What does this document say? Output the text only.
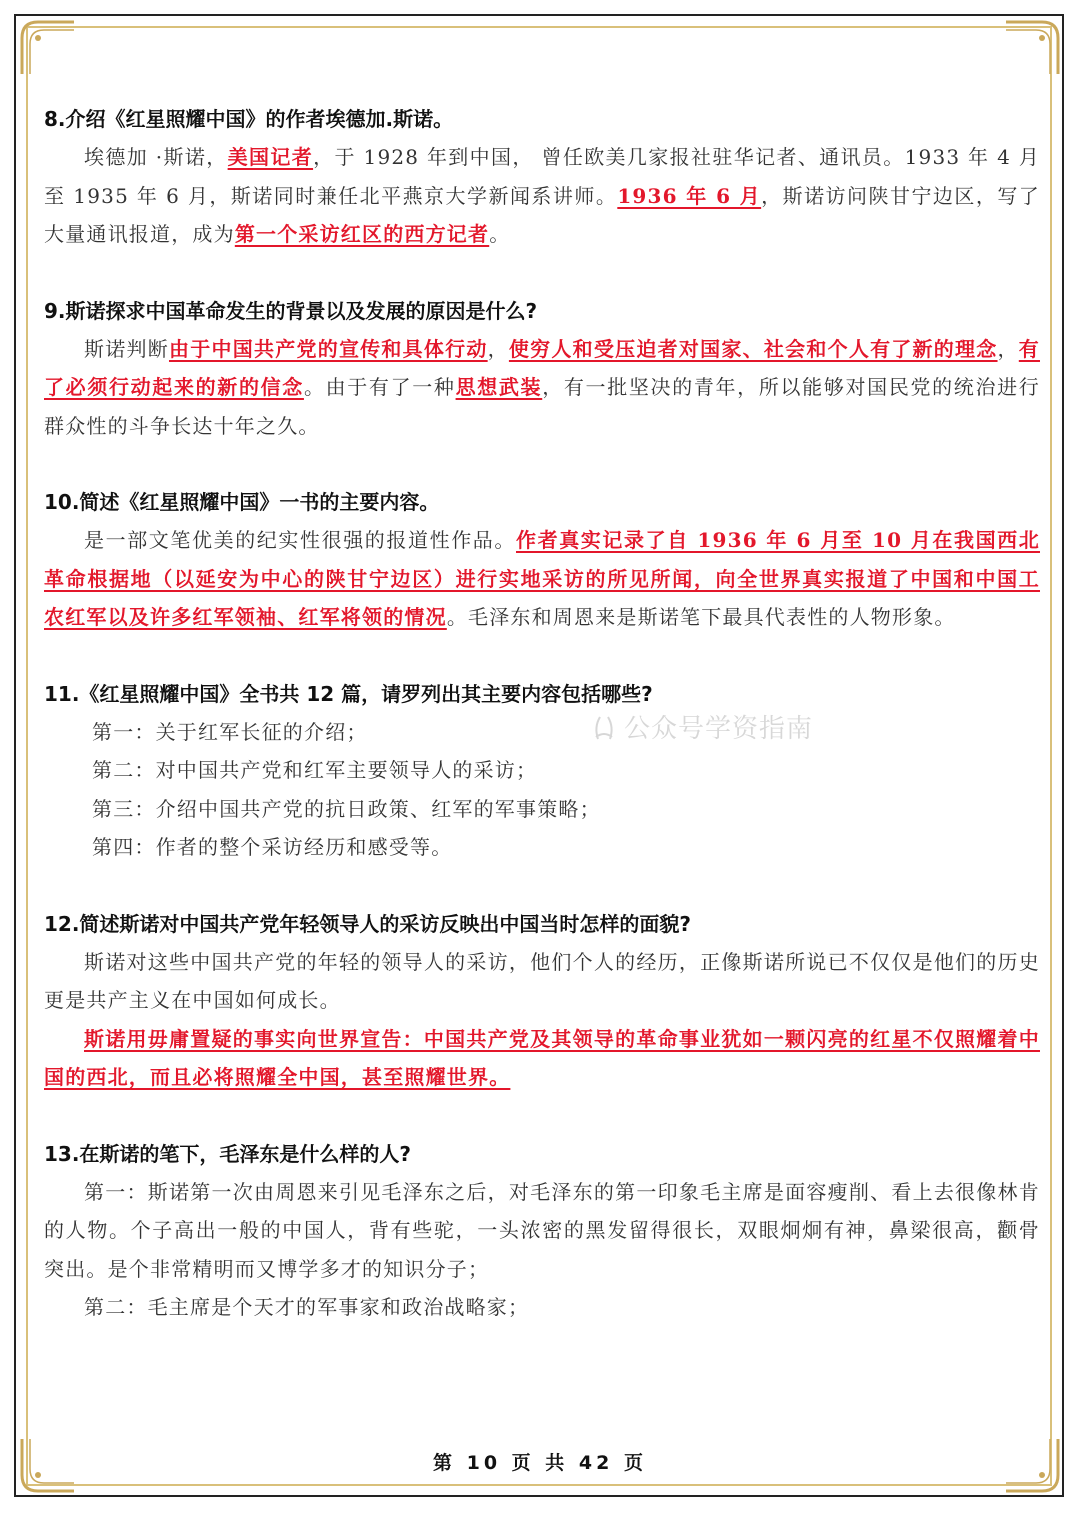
8.介绍《红星照耀中国》的作者埃德加.斯诺。

埃德加 ·斯诺，美国记者，于 1928 年到中国， 曾任欧美几家报社驻华记者、通讯员。1933 年 4 月至 1935 年 6 月，斯诺同时兼任北平燕京大学新闻系讲师。1936 年 6 月，斯诺访问陕甘宁边区，写了大量通讯报道，成为第一个采访红区的西方记者。

9.斯诺探求中国革命发生的背景以及发展的原因是什么?

斯诺判断由于中国共产党的宣传和具体行动，使穷人和受压迫者对国家、社会和个人有了新的理念，有了必须行动起来的新的信念。由于有了一种思想武装，有一批坚决的青年，所以能够对国民党的统治进行群众性的斗争长达十年之久。

10.简述《红星照耀中国》一书的主要内容。

是一部文笔优美的纪实性很强的报道性作品。作者真实记录了自 1936 年 6 月至 10 月在我国西北革命根据地（以延安为中心的陕甘宁边区）进行实地采访的所见所闻，向全世界真实报道了中国和中国工农红军以及许多红军领袖、红军将领的情况。毛泽东和周恩来是斯诺笔下最具代表性的人物形象。

11.《红星照耀中国》全书共 12 篇，请罗列出其主要内容包括哪些?

第一：关于红军长征的介绍；

第二：对中国共产党和红军主要领导人的采访；

第三：介绍中国共产党的抗日政策、红军的军事策略；

第四：作者的整个采访经历和感受等。

12.简述斯诺对中国共产党年轻领导人的采访反映出中国当时怎样的面貌?

斯诺对这些中国共产党的年轻的领导人的采访，他们个人的经历，正像斯诺所说已不仅仅是他们的历史更是共产主义在中国如何成长。

斯诺用毋庸置疑的事实向世界宣告：中国共产党及其领导的革命事业犹如一颗闪亮的红星不仅照耀着中国的西北，而且必将照耀全中国，甚至照耀世界。

13.在斯诺的笔下，毛泽东是什么样的人?

第一：斯诺第一次由周恩来引见毛泽东之后，对毛泽东的第一印象毛主席是面容瘦削、看上去很像林肯的人物。个子高出一般的中国人，背有些驼，一头浓密的黑发留得很长，双眼炯炯有神，鼻梁很高，颧骨突出。是个非常精明而又博学多才的知识分子；

第二：毛主席是个天才的军事家和政治战略家；

公众号学资指南
第 10 页 共 42 页
